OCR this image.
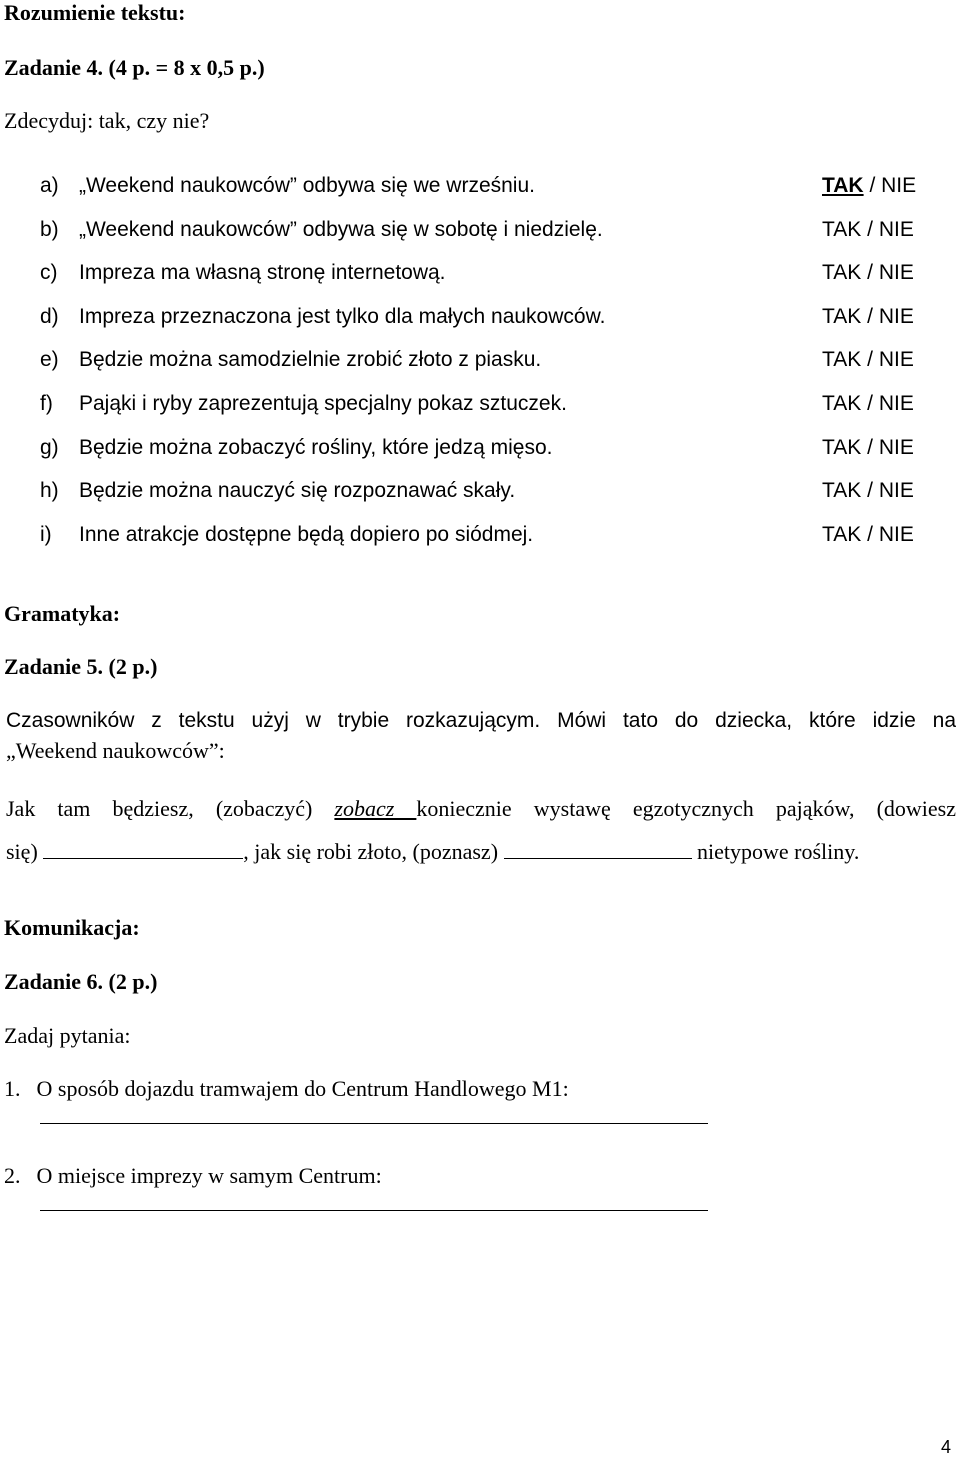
Rozumienie tekstu:
Zadanie 4. (4 p. = 8 x 0,5 p.)
Zdecyduj: tak, czy nie?
a) „Weekend naukowców” odbywa się we wrześniu.	TAK / NIE
b) „Weekend naukowców” odbywa się w sobotę i niedzielę.	TAK / NIE
c) Impreza ma własną stronę internetową.	TAK / NIE
d) Impreza przeznaczona jest tylko dla małych naukowców.	TAK / NIE
e) Będzie można samodzielnie zrobić złoto z piasku.	TAK / NIE
f) Pająki i ryby zaprezentują specjalny pokaz sztuczek.	TAK / NIE
g) Będzie można zobaczyć rośliny, które jedzą mięso.	TAK / NIE
h) Będzie można nauczyć się rozpoznawać skały.	TAK / NIE
i) Inne atrakcje dostępne będą dopiero po siódmej.	TAK / NIE
Gramatyka:
Zadanie 5. (2 p.)
Czasowników z tekstu użyj w trybie rozkazującym. Mówi tato do dziecka, które idzie na
„Weekend naukowców”:
Jak tam będziesz, (zobaczyć) zobacz koniecznie wystawę egzotycznych pająków, (dowiesz
się)	, jak się robi złoto, (poznasz)	nietypowe rośliny.
Komunikacja:
Zadanie 6. (2 p.)
Zadaj pytania:
1. O sposób dojazdu tramwajem do Centrum Handlowego M1:
2. O miejsce imprezy w samym Centrum:
4
